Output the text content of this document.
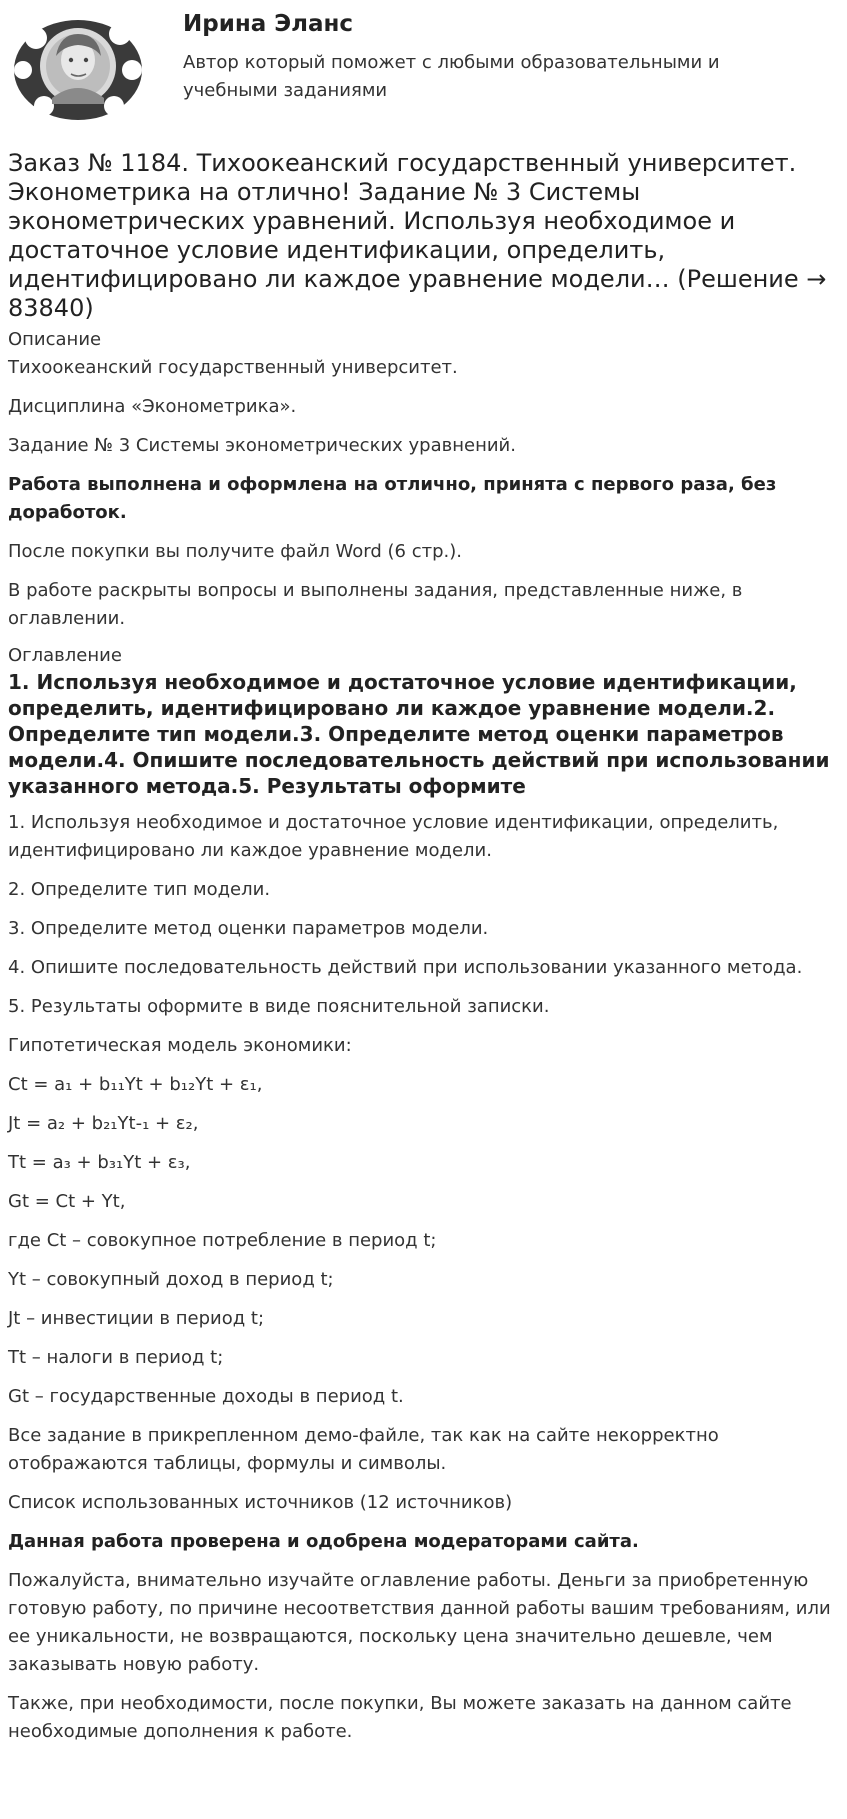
Ирина Эланс
Автор который поможет с любыми образовательными и учебными заданиями
Заказ № 1184. Тихоокеанский государственный университет. Эконометрика на отлично! Задание № 3 Системы эконометрических уравнений. Используя необходимое и достаточное условие идентификации, определить, идентифицировано ли каждое уравнение модели… (Решение → 83840)
Описание

Тихоокеанский государственный университет.

Дисциплина «Эконометрика».

Задание № 3 Системы эконометрических уравнений.

Работа выполнена и оформлена на отлично, принята с первого раза, без доработок.

После покупки вы получите файл Word (6 стр.).

В работе раскрыты вопросы и выполнены задания, представленные ниже, в оглавлении.

Оглавление
1. Используя необходимое и достаточное условие идентификации, определить, идентифицировано ли каждое уравнение модели.2. Определите тип модели.3. Определите метод оценки параметров модели.4. Опишите последовательность действий при использовании указанного метода.5. Результаты оформите

1. Используя необходимое и достаточное условие идентификации, определить, идентифицировано ли каждое уравнение модели.

2. Определите тип модели.

3. Определите метод оценки параметров модели.

4. Опишите последовательность действий при использовании указанного метода.

5. Результаты оформите в виде пояснительной записки.

Гипотетическая модель экономики:

Ct = a₁ + b₁₁Yt + b₁₂Yt + ε₁,

Jt = a₂ + b₂₁Yt-₁ + ε₂,

Tt = a₃ + b₃₁Yt + ε₃,

Gt = Ct + Yt,

где Ct – совокупное потребление в период t;

Yt – совокупный доход в период t;

Jt – инвестиции в период t;

Tt – налоги в период t;

Gt – государственные доходы в период t.

Все задание в прикрепленном демо-файле, так как на сайте некорректно отображаются таблицы, формулы и символы.

Список использованных источников (12 источников)

Данная работа проверена и одобрена модераторами сайта.

Пожалуйста, внимательно изучайте оглавление работы. Деньги за приобретенную готовую работу, по причине несоответствия данной работы вашим требованиям, или ее уникальности, не возвращаются, поскольку цена значительно дешевле, чем заказывать новую работу.

Также, при необходимости, после покупки, Вы можете заказать на данном сайте необходимые дополнения к работе.
